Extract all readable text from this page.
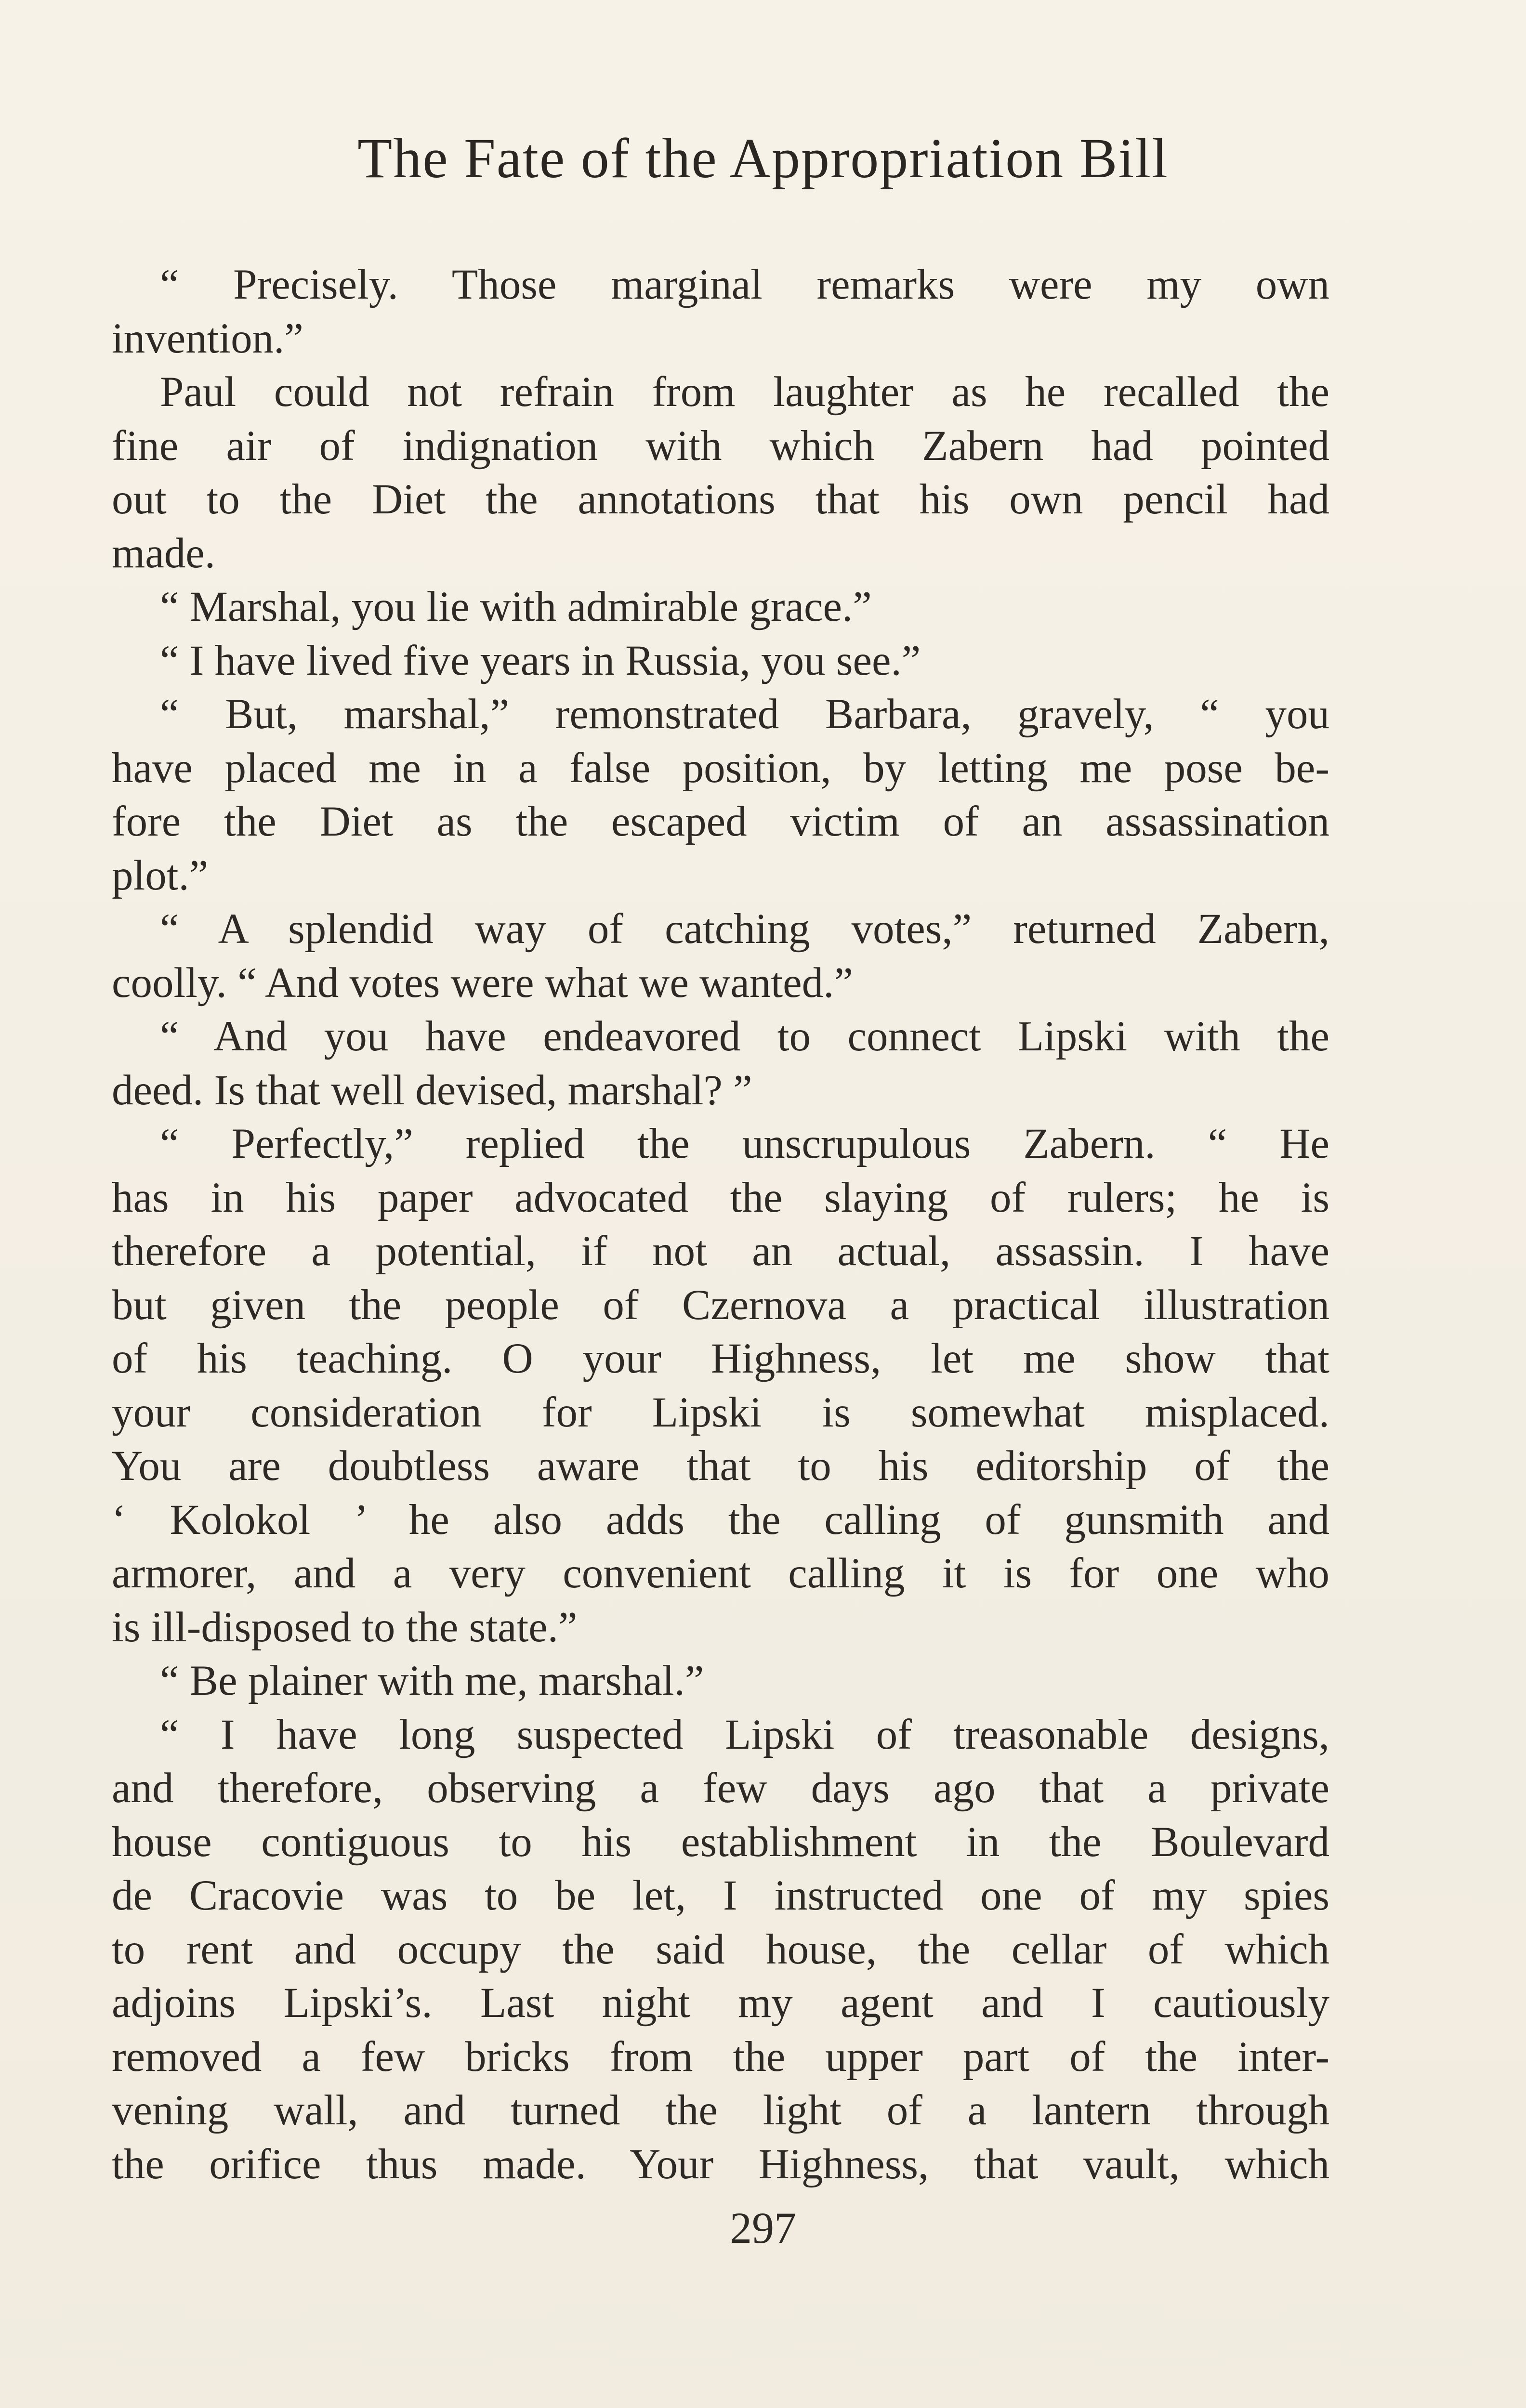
The Fate of the Appropriation Bill
“ Precisely. Those marginal remarks were my own
invention.”
Paul could not refrain from laughter as he recalled the
fine air of indignation with which Zabern had pointed
out to the Diet the annotations that his own pencil had
made.
“ Marshal, you lie with admirable grace.”
“ I have lived five years in Russia, you see.”
“ But, marshal,” remonstrated Barbara, gravely, “ you
have placed me in a false position, by letting me pose be-
fore the Diet as the escaped victim of an assassination
plot.”
“ A splendid way of catching votes,” returned Zabern,
coolly. “ And votes were what we wanted.”
“ And you have endeavored to connect Lipski with the
deed. Is that well devised, marshal? ”
“ Perfectly,” replied the unscrupulous Zabern. “ He
has in his paper advocated the slaying of rulers; he is
therefore a potential, if not an actual, assassin. I have
but given the people of Czernova a practical illustration
of his teaching. O your Highness, let me show that
your consideration for Lipski is somewhat misplaced.
You are doubtless aware that to his editorship of the
‘ Kolokol ’ he also adds the calling of gunsmith and
armorer, and a very convenient calling it is for one who
is ill-disposed to the state.”
“ Be plainer with me, marshal.”
“ I have long suspected Lipski of treasonable designs,
and therefore, observing a few days ago that a private
house contiguous to his establishment in the Boulevard
de Cracovie was to be let, I instructed one of my spies
to rent and occupy the said house, the cellar of which
adjoins Lipski’s. Last night my agent and I cautiously
removed a few bricks from the upper part of the inter-
vening wall, and turned the light of a lantern through
the orifice thus made. Your Highness, that vault, which
297
